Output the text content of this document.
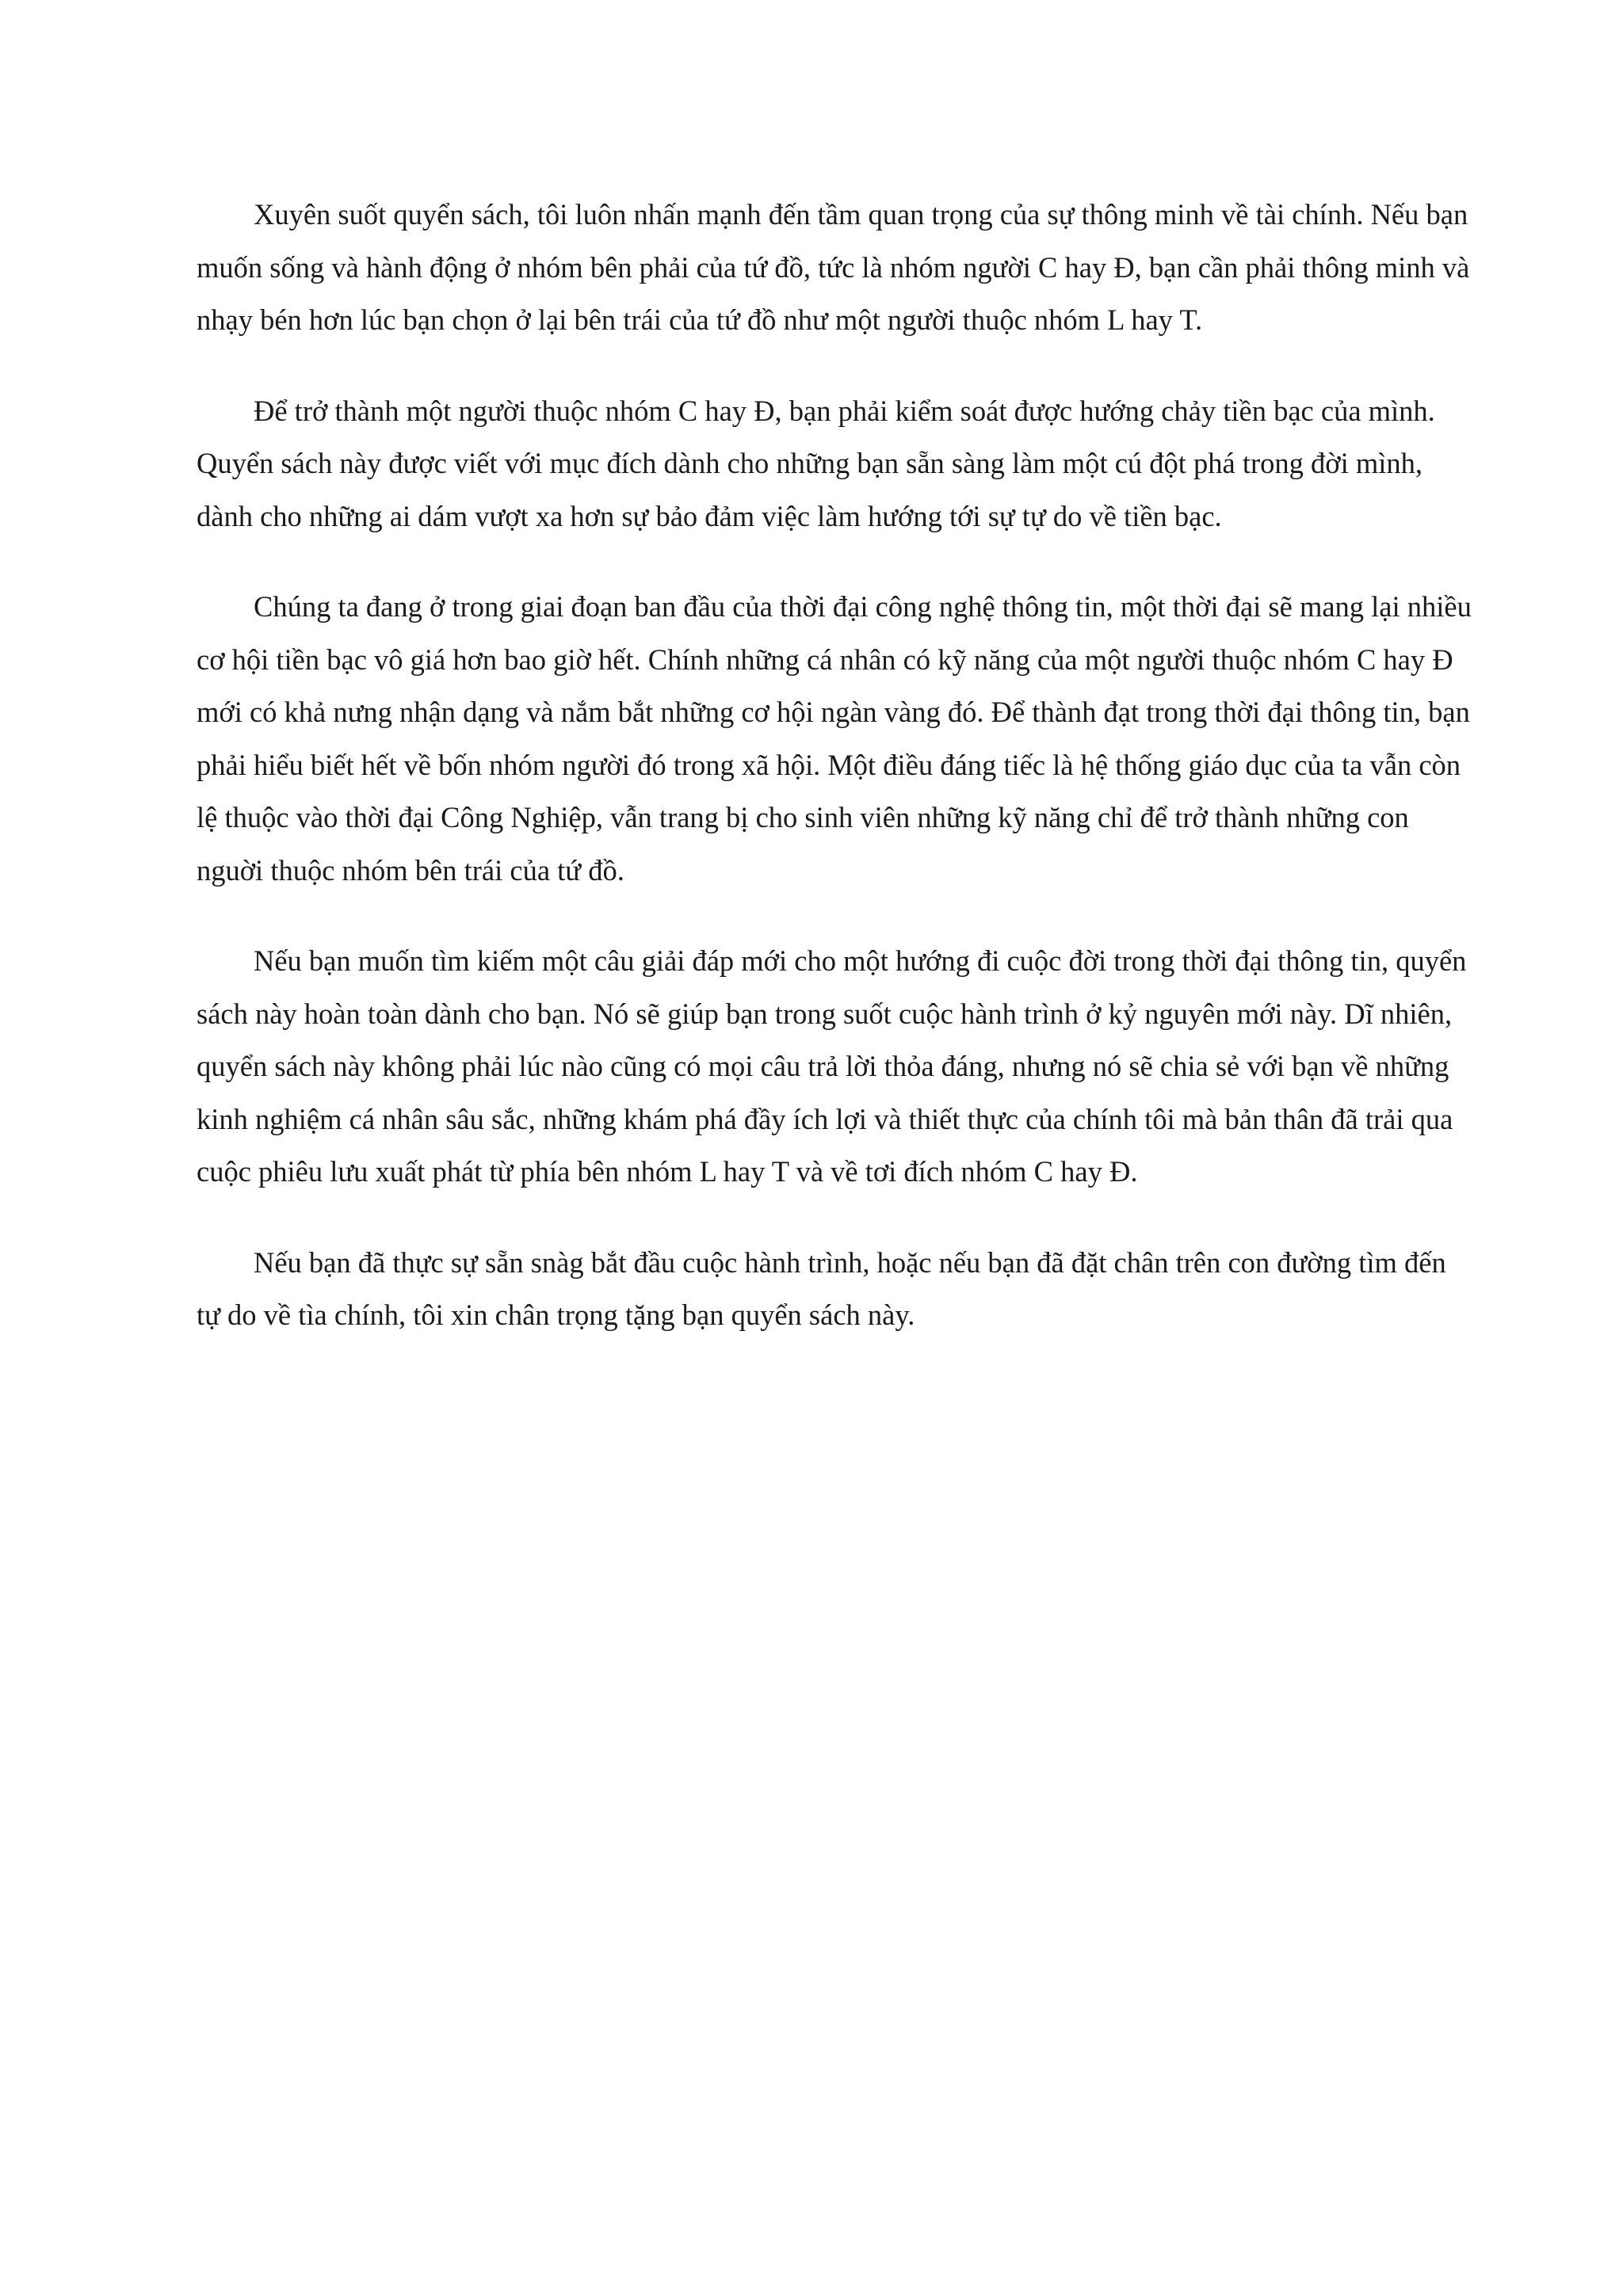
Xuyên suốt quyển sách, tôi luôn nhấn mạnh đến tầm quan trọng của sự thông minh về tài chính. Nếu bạn muốn sống và hành động ở nhóm bên phải của tứ đồ, tức là nhóm người C hay Đ, bạn cần phải thông minh và nhạy bén hơn lúc bạn chọn ở lại bên trái của tứ đồ như một người thuộc nhóm L hay T.

Để trở thành một người thuộc nhóm C hay Đ, bạn phải kiểm soát được hướng chảy tiền bạc của mình. Quyển sách này được viết với mục đích dành cho những bạn sẵn sàng làm một cú đột phá trong đời mình, dành cho những ai dám vượt xa hơn sự bảo đảm việc làm hướng tới sự tự do về tiền bạc.

Chúng ta đang ở trong giai đoạn ban đầu của thời đại công nghệ thông tin, một thời đại sẽ mang lại nhiều cơ hội tiền bạc vô giá hơn bao giờ hết. Chính những cá nhân có kỹ năng của một người thuộc nhóm C hay Đ mới có khả nưng nhận dạng và nắm bắt những cơ hội ngàn vàng đó. Để thành đạt trong thời đại thông tin, bạn phải hiểu biết hết về bốn nhóm người đó trong xã hội. Một điều đáng tiếc là hệ thống giáo dục của ta vẫn còn lệ thuộc vào thời đại Công Nghiệp, vẫn trang bị cho sinh viên những kỹ năng chỉ để trở thành những con nguời thuộc nhóm bên trái của tứ đồ.

Nếu bạn muốn tìm kiếm một câu giải đáp mới cho một hướng đi cuộc đời trong thời đại thông tin, quyển sách này hoàn toàn dành cho bạn. Nó sẽ giúp bạn trong suốt cuộc hành trình ở kỷ nguyên mới này. Dĩ nhiên, quyển sách này không phải lúc nào cũng có mọi câu trả lời thỏa đáng, nhưng nó sẽ chia sẻ với bạn về những kinh nghiệm cá nhân sâu sắc, những khám phá đầy ích lợi và thiết thực của chính tôi mà bản thân đã trải qua cuộc phiêu lưu xuất phát từ phía bên nhóm L hay T và về tơi đích nhóm C hay Đ.

Nếu bạn đã thực sự sẵn snàg bắt đầu cuộc hành trình, hoặc nếu bạn đã đặt chân trên con đường tìm đến tự do về tìa chính, tôi xin chân trọng tặng bạn quyển sách này.
